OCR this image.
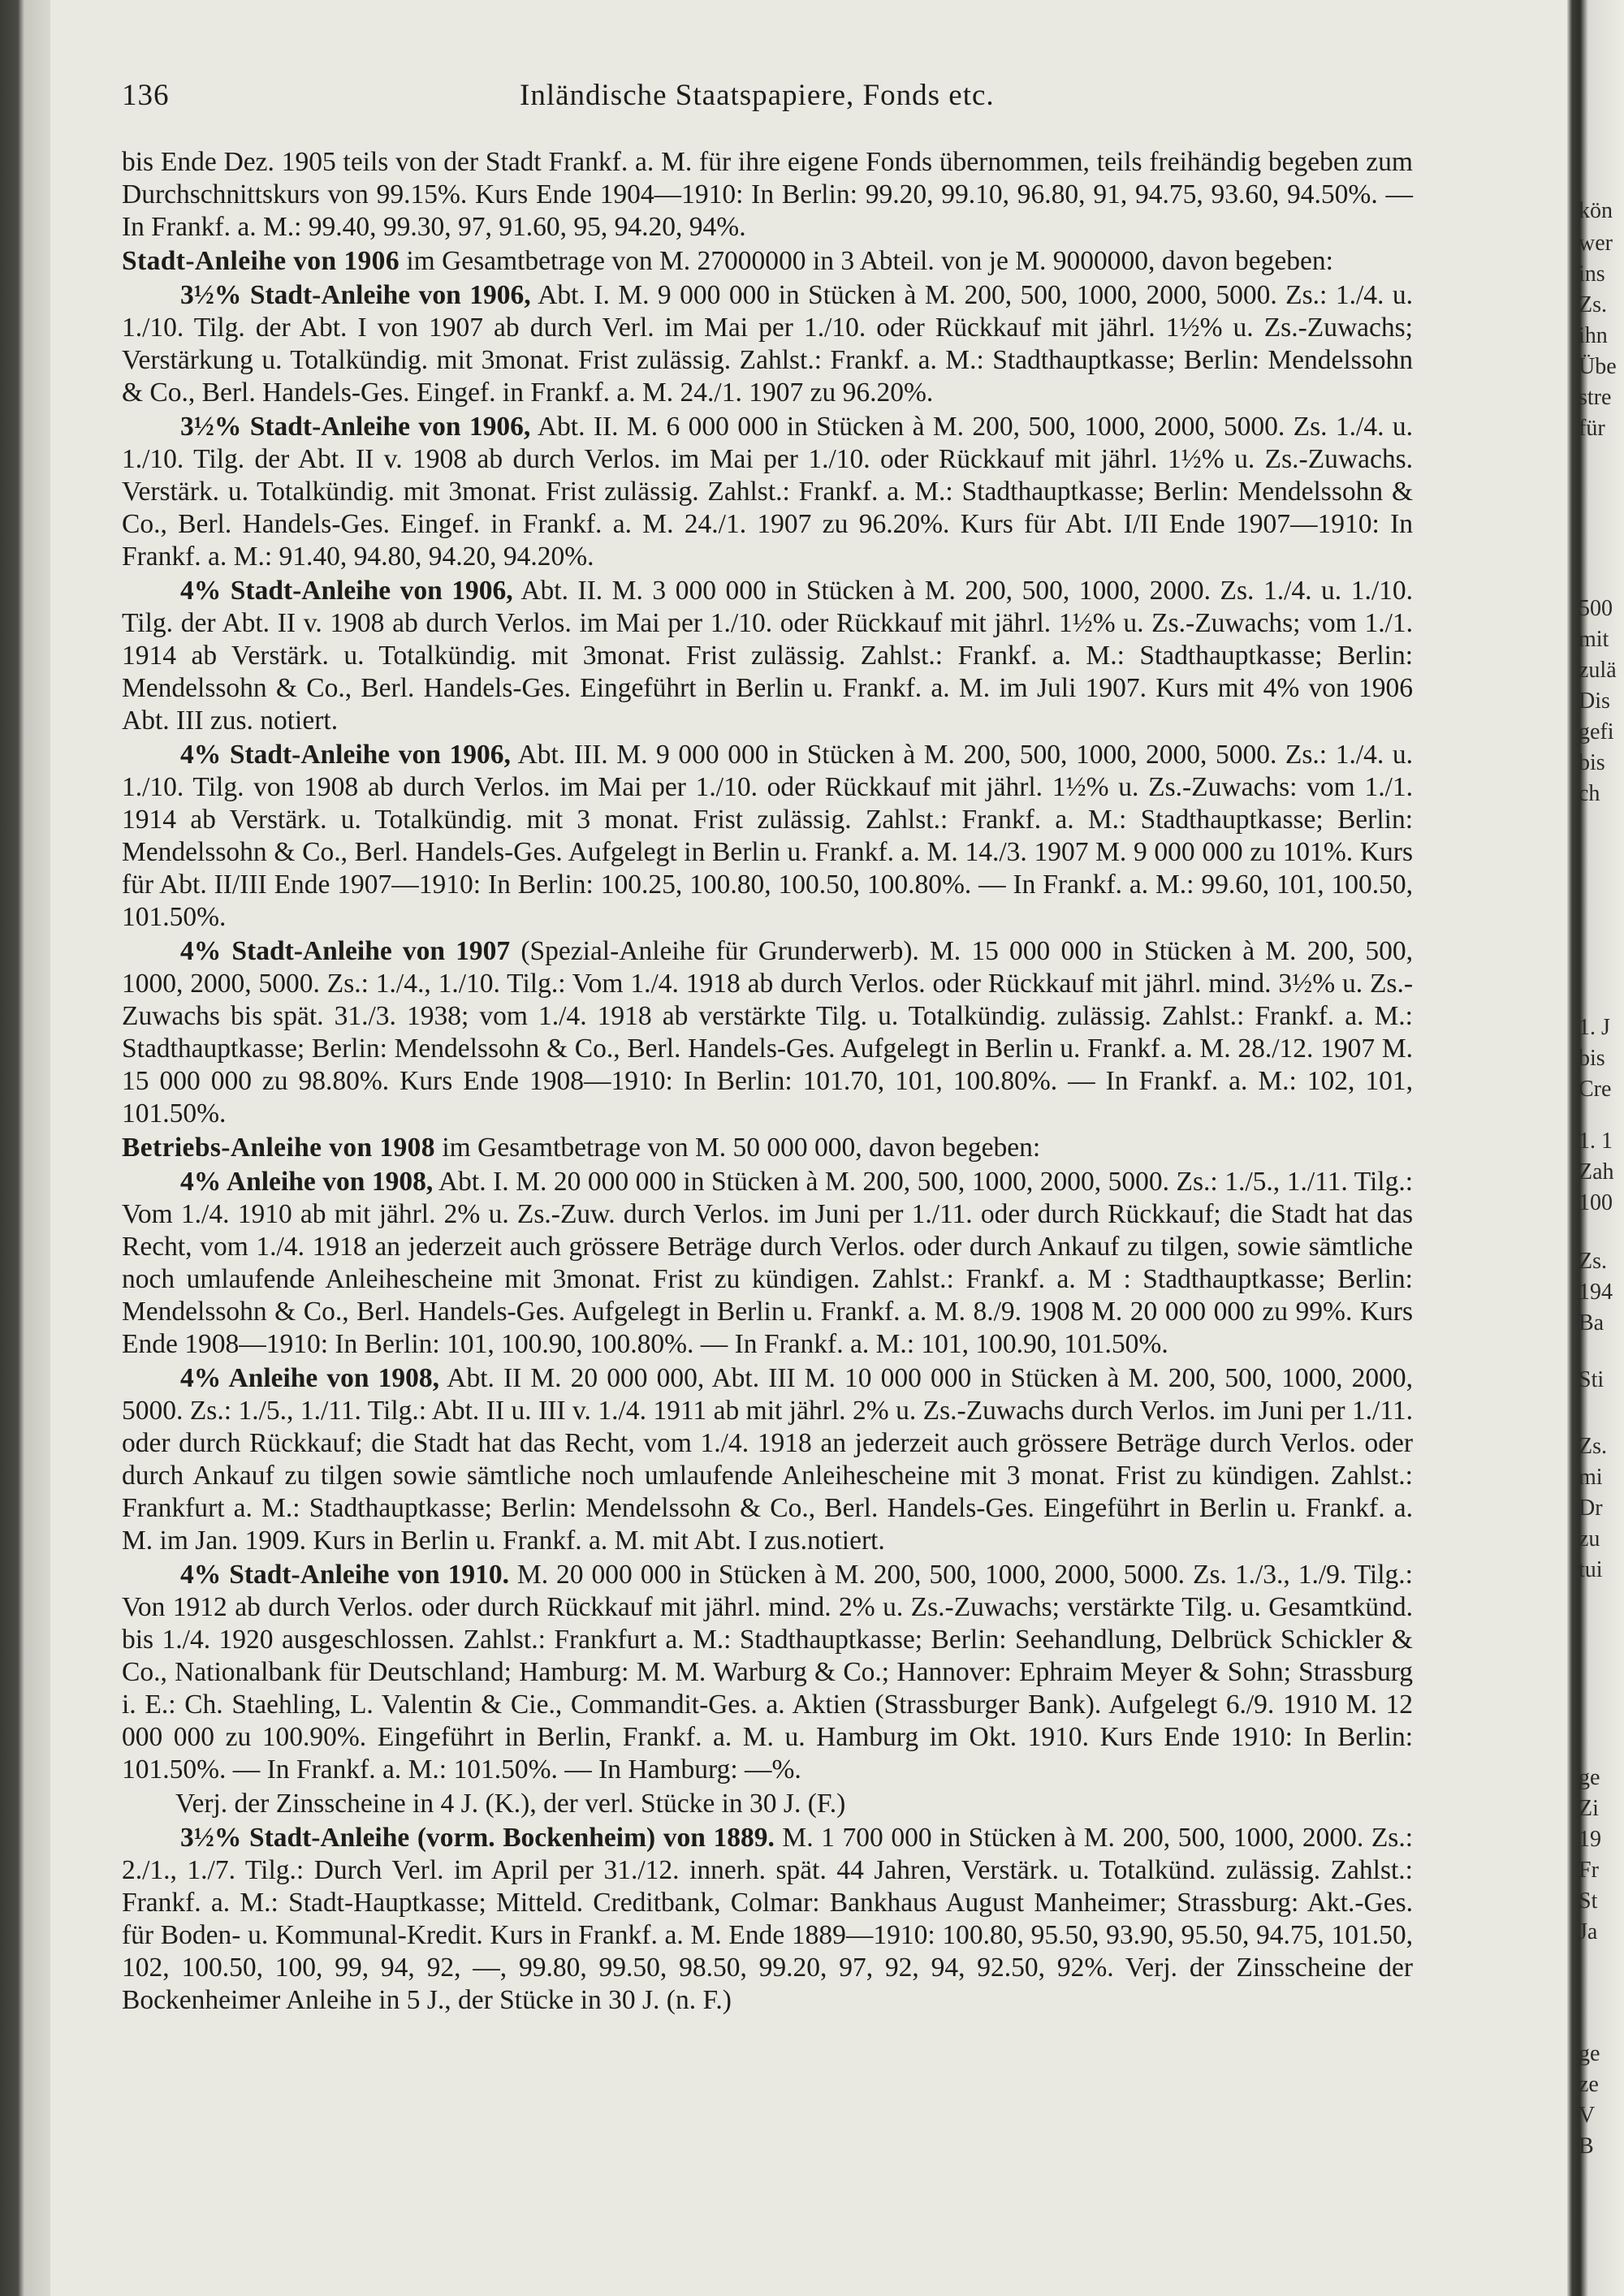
136	Inländische Staatspapiere, Fonds etc.

bis Ende Dez. 1905 teils von der Stadt Frankf. a. M. für ihre eigene Fonds übernommen, teils freihändig begeben zum Durchschnittskurs von 99.15%. Kurs Ende 1904—1910: In Berlin: 99.20, 99.10, 96.80, 91, 94.75, 93.60, 94.50%. — In Frankf. a. M.: 99.40, 99.30, 97, 91.60, 95, 94.20, 94%.

Stadt-Anleihe von 1906 im Gesamtbetrage von M. 27000000 in 3 Abteil. von je M. 9000000, davon begeben:

3½% Stadt-Anleihe von 1906, Abt. I. M. 9 000 000 in Stücken à M. 200, 500, 1000, 2000, 5000. Zs.: 1./4. u. 1./10. Tilg. der Abt. I von 1907 ab durch Verl. im Mai per 1./10. oder Rückkauf mit jährl. 1½% u. Zs.-Zuwachs; Verstärkung u. Totalkündig. mit 3monat. Frist zulässig. Zahlst.: Frankf. a. M.: Stadthauptkasse; Berlin: Mendelssohn & Co., Berl. Handels-Ges. Eingef. in Frankf. a. M. 24./1. 1907 zu 96.20%.

3½% Stadt-Anleihe von 1906, Abt. II. M. 6 000 000 in Stücken à M. 200, 500, 1000, 2000, 5000. Zs. 1./4. u. 1./10. Tilg. der Abt. II v. 1908 ab durch Verlos. im Mai per 1./10. oder Rückkauf mit jährl. 1½% u. Zs.-Zuwachs. Verstärk. u. Totalkündig. mit 3monat. Frist zulässig. Zahlst.: Frankf. a. M.: Stadthauptkasse; Berlin: Mendelssohn & Co., Berl. Handels-Ges. Eingef. in Frankf. a. M. 24./1. 1907 zu 96.20%. Kurs für Abt. I/II Ende 1907—1910: In Frankf. a. M.: 91.40, 94.80, 94.20, 94.20%.

4% Stadt-Anleihe von 1906, Abt. II. M. 3 000 000 in Stücken à M. 200, 500, 1000, 2000. Zs. 1./4. u. 1./10. Tilg. der Abt. II v. 1908 ab durch Verlos. im Mai per 1./10. oder Rückkauf mit jährl. 1½% u. Zs.-Zuwachs; vom 1./1. 1914 ab Verstärk. u. Totalkündig. mit 3monat. Frist zulässig. Zahlst.: Frankf. a. M.: Stadthauptkasse; Berlin: Mendelssohn & Co., Berl. Handels-Ges. Eingeführt in Berlin u. Frankf. a. M. im Juli 1907. Kurs mit 4% von 1906 Abt. III zus. notiert.

4% Stadt-Anleihe von 1906, Abt. III. M. 9 000 000 in Stücken à M. 200, 500, 1000, 2000, 5000. Zs.: 1./4. u. 1./10. Tilg. von 1908 ab durch Verlos. im Mai per 1./10. oder Rückkauf mit jährl. 1½% u. Zs.-Zuwachs: vom 1./1. 1914 ab Verstärk. u. Totalkündig. mit 3 monat. Frist zulässig. Zahlst.: Frankf. a. M.: Stadthauptkasse; Berlin: Mendelssohn & Co., Berl. Handels-Ges. Aufgelegt in Berlin u. Frankf. a. M. 14./3. 1907 M. 9 000 000 zu 101%. Kurs für Abt. II/III Ende 1907—1910: In Berlin: 100.25, 100.80, 100.50, 100.80%. — In Frankf. a. M.: 99.60, 101, 100.50, 101.50%.

4% Stadt-Anleihe von 1907 (Spezial-Anleihe für Grunderwerb). M. 15 000 000 in Stücken à M. 200, 500, 1000, 2000, 5000. Zs.: 1./4., 1./10. Tilg.: Vom 1./4. 1918 ab durch Verlos. oder Rückkauf mit jährl. mind. 3½% u. Zs.-Zuwachs bis spät. 31./3. 1938; vom 1./4. 1918 ab verstärkte Tilg. u. Totalkündig. zulässig. Zahlst.: Frankf. a. M.: Stadthauptkasse; Berlin: Mendelssohn & Co., Berl. Handels-Ges. Aufgelegt in Berlin u. Frankf. a. M. 28./12. 1907 M. 15 000 000 zu 98.80%. Kurs Ende 1908—1910: In Berlin: 101.70, 101, 100.80%. — In Frankf. a. M.: 102, 101, 101.50%.

Betriebs-Anleihe von 1908 im Gesamtbetrage von M. 50 000 000, davon begeben:

4% Anleihe von 1908, Abt. I. M. 20 000 000 in Stücken à M. 200, 500, 1000, 2000, 5000. Zs.: 1./5., 1./11. Tilg.: Vom 1./4. 1910 ab mit jährl. 2% u. Zs.-Zuw. durch Verlos. im Juni per 1./11. oder durch Rückkauf; die Stadt hat das Recht, vom 1./4. 1918 an jederzeit auch grössere Beträge durch Verlos. oder durch Ankauf zu tilgen, sowie sämtliche noch umlaufende Anleihescheine mit 3monat. Frist zu kündigen. Zahlst.: Frankf. a. M : Stadthauptkasse; Berlin: Mendelssohn & Co., Berl. Handels-Ges. Aufgelegt in Berlin u. Frankf. a. M. 8./9. 1908 M. 20 000 000 zu 99%. Kurs Ende 1908—1910: In Berlin: 101, 100.90, 100.80%. — In Frankf. a. M.: 101, 100.90, 101.50%.

4% Anleihe von 1908, Abt. II M. 20 000 000, Abt. III M. 10 000 000 in Stücken à M. 200, 500, 1000, 2000, 5000. Zs.: 1./5., 1./11. Tilg.: Abt. II u. III v. 1./4. 1911 ab mit jährl. 2% u. Zs.-Zuwachs durch Verlos. im Juni per 1./11. oder durch Rückkauf; die Stadt hat das Recht, vom 1./4. 1918 an jederzeit auch grössere Beträge durch Verlos. oder durch Ankauf zu tilgen sowie sämtliche noch umlaufende Anleihescheine mit 3 monat. Frist zu kündigen. Zahlst.: Frankfurt a. M.: Stadthauptkasse; Berlin: Mendelssohn & Co., Berl. Handels-Ges. Eingeführt in Berlin u. Frankf. a. M. im Jan. 1909. Kurs in Berlin u. Frankf. a. M. mit Abt. I zus.notiert.

4% Stadt-Anleihe von 1910. M. 20 000 000 in Stücken à M. 200, 500, 1000, 2000, 5000. Zs. 1./3., 1./9. Tilg.: Von 1912 ab durch Verlos. oder durch Rückkauf mit jährl. mind. 2% u. Zs.-Zuwachs; verstärkte Tilg. u. Gesamtkünd. bis 1./4. 1920 ausgeschlossen. Zahlst.: Frankfurt a. M.: Stadthauptkasse; Berlin: Seehandlung, Delbrück Schickler & Co., Nationalbank für Deutschland; Hamburg: M. M. Warburg & Co.; Hannover: Ephraim Meyer & Sohn; Strassburg i. E.: Ch. Staehling, L. Valentin & Cie., Commandit-Ges. a. Aktien (Strassburger Bank). Aufgelegt 6./9. 1910 M. 12 000 000 zu 100.90%. Eingeführt in Berlin, Frankf. a. M. u. Hamburg im Okt. 1910. Kurs Ende 1910: In Berlin: 101.50%. — In Frankf. a. M.: 101.50%. — In Hamburg: —%.

Verj. der Zinsscheine in 4 J. (K.), der verl. Stücke in 30 J. (F.)

3½% Stadt-Anleihe (vorm. Bockenheim) von 1889. M. 1 700 000 in Stücken à M. 200, 500, 1000, 2000. Zs.: 2./1., 1./7. Tilg.: Durch Verl. im April per 31./12. innerh. spät. 44 Jahren, Verstärk. u. Totalkünd. zulässig. Zahlst.: Frankf. a. M.: Stadt-Hauptkasse; Mitteld. Creditbank, Colmar: Bankhaus August Manheimer; Strassburg: Akt.-Ges. für Boden- u. Kommunal-Kredit. Kurs in Frankf. a. M. Ende 1889—1910: 100.80, 95.50, 93.90, 95.50, 94.75, 101.50, 102, 100.50, 100, 99, 94, 92, —, 99.80, 99.50, 98.50, 99.20, 97, 92, 94, 92.50, 92%. Verj. der Zinsscheine der Bockenheimer Anleihe in 5 J., der Stücke in 30 J. (n. F.)

kön
wer
ins
Zs.
ihn
Übe
stre
für
500
mit
zulä
Dis
gefi
bis
ch
1. J
bis
Cre
1. 1
Zah
100
Zs.
194
Ba
Sti
Zs.
mi
Dr
zu
tui
ge
Zi
19
Fr
St
Ja
ge
ze
V
B
